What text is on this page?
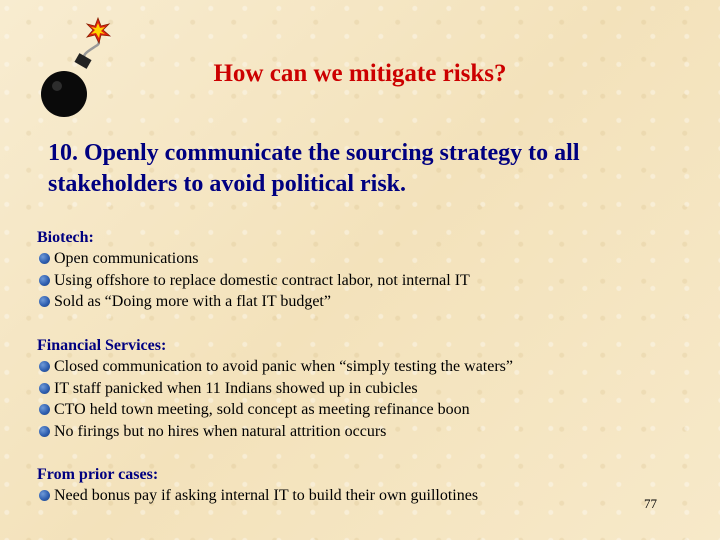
How can we mitigate risks?
10. Openly communicate the sourcing strategy to all stakeholders to avoid political risk.
Biotech:
Open communications
Using offshore to replace domestic contract labor, not internal IT
Sold as “Doing more with a flat IT budget”
Financial Services:
Closed communication to avoid panic when “simply testing the waters”
IT staff panicked when 11 Indians showed up in cubicles
CTO held town meeting, sold concept as meeting refinance boon
No firings but no hires when natural attrition occurs
From prior cases:
Need bonus pay if asking internal IT to build their own guillotines	77
